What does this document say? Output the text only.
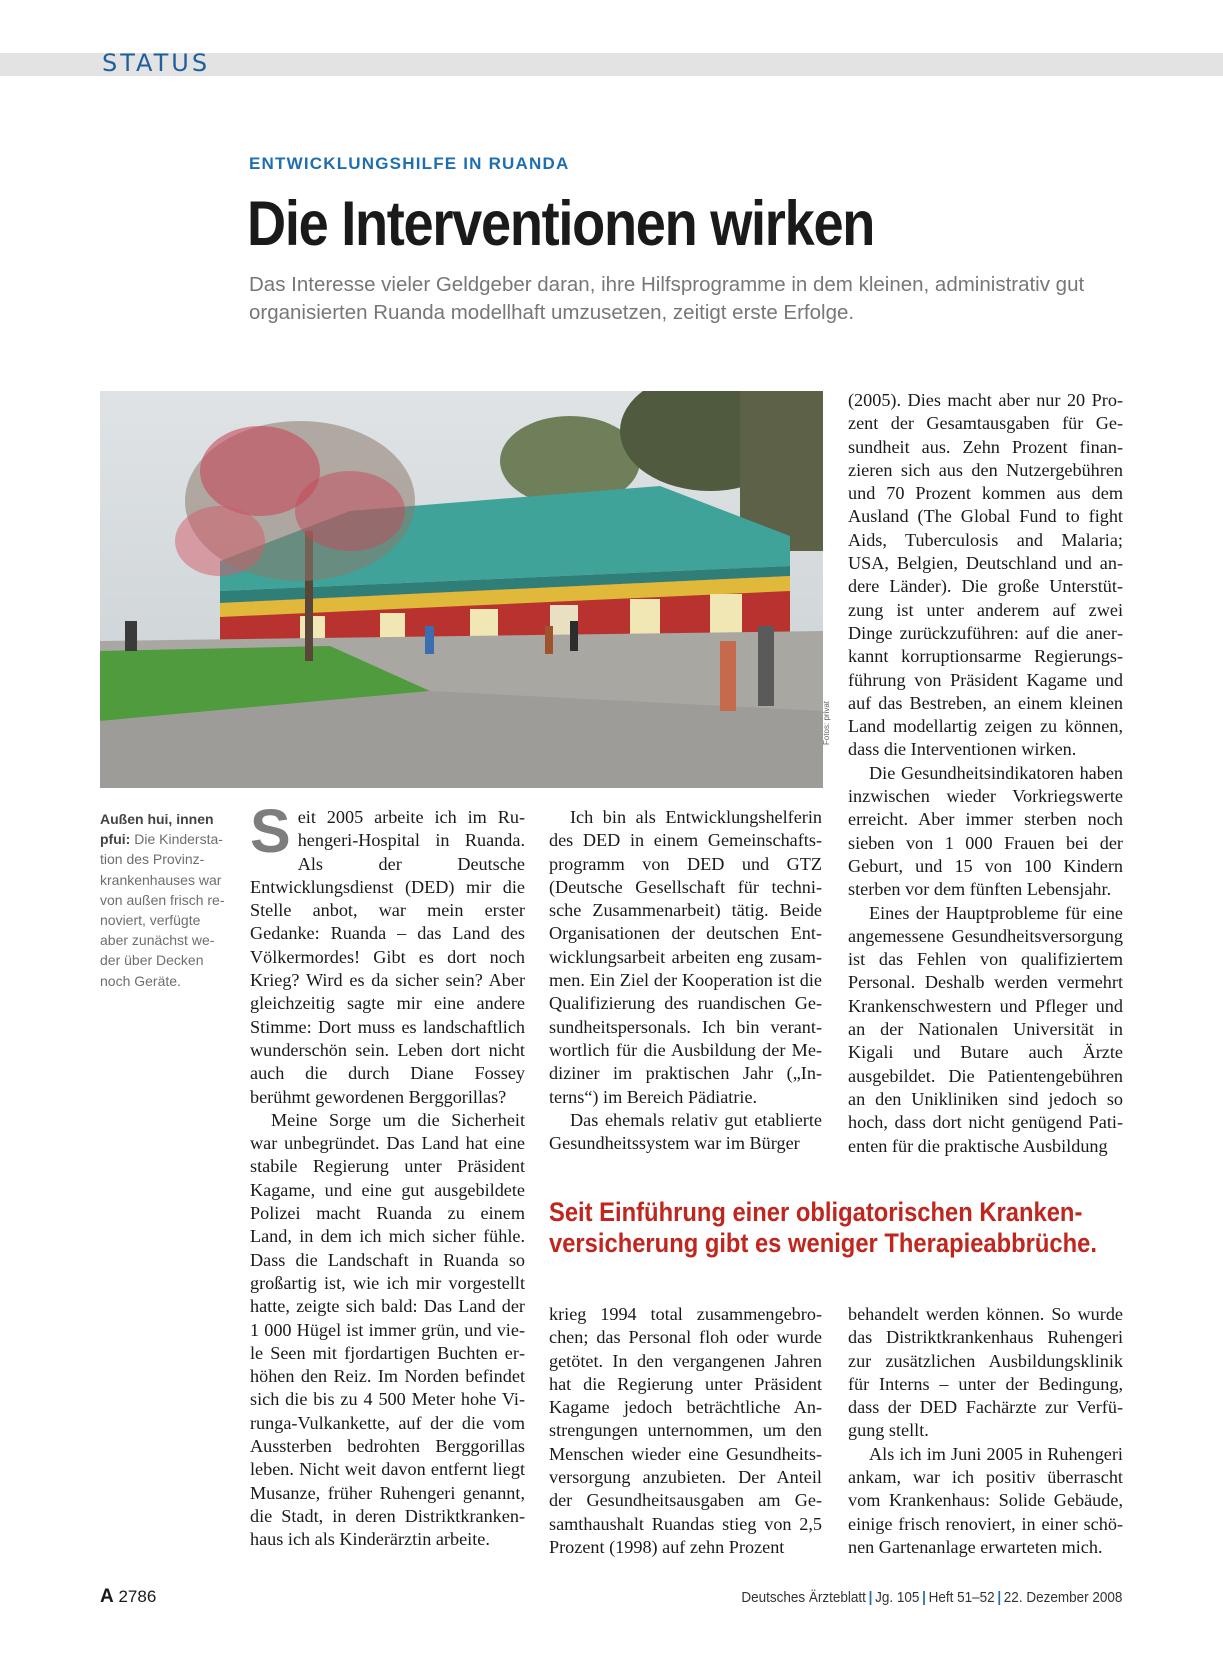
STATUS
ENTWICKLUNGSHILFE IN RUANDA
Die Interventionen wirken

Das Interesse vieler Geldgeber daran, ihre Hilfsprogramme in dem kleinen, administrativ gut organisierten Ruanda modellhaft umzusetzen, zeitigt erste Erfolge.

Fotos: privat

Außen hui, innen pfui: Die Kinderstation des Provinzkrankenhauses war von außen frisch renoviert, verfügte aber zunächst weder über Decken noch Geräte.

Seit 2005 arbeite ich im Ruhengeri-Hospital in Ruanda. Als der Deutsche Entwicklungsdienst (DED) mir die Stelle anbot, war mein erster Gedanke: Ruanda – das Land des Völkermordes! Gibt es dort noch Krieg? Wird es da sicher sein? Aber gleichzeitig sagte mir eine andere Stimme: Dort muss es landschaftlich wunderschön sein. Leben dort nicht auch die durch Diane Fossey berühmt gewordenen Berggorillas?

Meine Sorge um die Sicherheit war unbegründet. Das Land hat eine stabile Regierung unter Präsident Kagame, und eine gut ausgebildete Polizei macht Ruanda zu einem Land, in dem ich mich sicher fühle. Dass die Landschaft in Ruanda so großartig ist, wie ich mir vorgestellt hatte, zeigte sich bald: Das Land der 1 000 Hügel ist immer grün, und viele Seen mit fjordartigen Buchten erhöhen den Reiz. Im Norden befindet sich die bis zu 4 500 Meter hohe Virunga-Vulkankette, auf der die vom Aussterben bedrohten Berggorillas leben. Nicht weit davon entfernt liegt Musanze, früher Ruhengeri genannt, die Stadt, in deren Distriktkrankenhaus ich als Kinderärztin arbeite.

Ich bin als Entwicklungshelferin des DED in einem Gemeinschaftsprogramm von DED und GTZ (Deutsche Gesellschaft für technische Zusammenarbeit) tätig. Beide Organisationen der deutschen Entwicklungsarbeit arbeiten eng zusammen. Ein Ziel der Kooperation ist die Qualifizierung des ruandischen Gesundheitspersonals. Ich bin verantwortlich für die Ausbildung der Mediziner im praktischen Jahr („Interns“) im Bereich Pädiatrie.

Das ehemals relativ gut etablierte Gesundheitssystem war im Bürger

(2005). Dies macht aber nur 20 Prozent der Gesamtausgaben für Gesundheit aus. Zehn Prozent finanzieren sich aus den Nutzergebühren und 70 Prozent kommen aus dem Ausland (The Global Fund to fight Aids, Tuberculosis and Malaria; USA, Belgien, Deutschland und andere Länder). Die große Unterstützung ist unter anderem auf zwei Dinge zurückzuführen: auf die anerkannt korruptionsarme Regierungsführung von Präsident Kagame und auf das Bestreben, an einem kleinen Land modellartig zeigen zu können, dass die Interventionen wirken.

Die Gesundheitsindikatoren haben inzwischen wieder Vorkriegswerte erreicht. Aber immer sterben noch sieben von 1 000 Frauen bei der Geburt, und 15 von 100 Kindern sterben vor dem fünften Lebensjahr.

Eines der Hauptprobleme für eine angemessene Gesundheitsversorgung ist das Fehlen von qualifiziertem Personal. Deshalb werden vermehrt Krankenschwestern und Pfleger und an der Nationalen Universität in Kigali und Butare auch Ärzte ausgebildet. Die Patientengebühren an den Unikliniken sind jedoch so hoch, dass dort nicht genügend Patienten für die praktische Ausbildung

Seit Einführung einer obligatorischen Krankenversicherung gibt es weniger Therapieabbrüche.

krieg 1994 total zusammengebrochen; das Personal floh oder wurde getötet. In den vergangenen Jahren hat die Regierung unter Präsident Kagame jedoch beträchtliche Anstrengungen unternommen, um den Menschen wieder eine Gesundheitsversorgung anzubieten. Der Anteil der Gesundheitsausgaben am Gesamthaushalt Ruandas stieg von 2,5 Prozent (1998) auf zehn Prozent

behandelt werden können. So wurde das Distriktkrankenhaus Ruhengeri zur zusätzlichen Ausbildungsklinik für Interns – unter der Bedingung, dass der DED Fachärzte zur Verfügung stellt.

Als ich im Juni 2005 in Ruhengeri ankam, war ich positiv überrascht vom Krankenhaus: Solide Gebäude, einige frisch renoviert, in einer schönen Gartenanlage erwarteten mich.

A 2786	Deutsches Ärzteblatt | Jg. 105 | Heft 51–52 | 22. Dezember 2008
